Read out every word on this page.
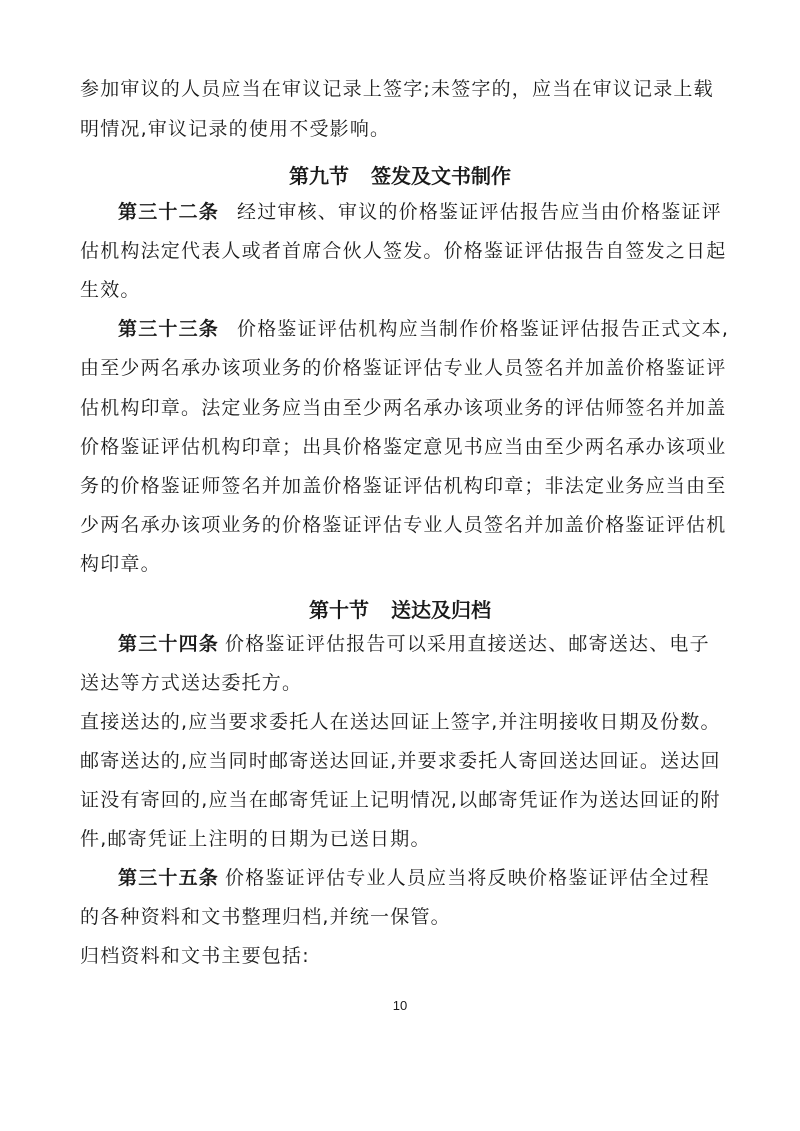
参加审议的人员应当在审议记录上签字;未签字的，应当在审议记录上载
明情况,审议记录的使用不受影响。
第九节 签发及文书制作
第三十二条 经过审核、审议的价格鉴证评估报告应当由价格鉴证评
估机构法定代表人或者首席合伙人签发。价格鉴证评估报告自签发之日起
生效。
第三十三条 价格鉴证评估机构应当制作价格鉴证评估报告正式文本,
由至少两名承办该项业务的价格鉴证评估专业人员签名并加盖价格鉴证评
估机构印章。法定业务应当由至少两名承办该项业务的评估师签名并加盖
价格鉴证评估机构印章；出具价格鉴定意见书应当由至少两名承办该项业
务的价格鉴证师签名并加盖价格鉴证评估机构印章；非法定业务应当由至
少两名承办该项业务的价格鉴证评估专业人员签名并加盖价格鉴证评估机
构印章。
第十节 送达及归档
第三十四条 价格鉴证评估报告可以采用直接送达、邮寄送达、电子
送达等方式送达委托方。
直接送达的,应当要求委托人在送达回证上签字,并注明接收日期及份数。
邮寄送达的,应当同时邮寄送达回证,并要求委托人寄回送达回证。送达回
证没有寄回的,应当在邮寄凭证上记明情况,以邮寄凭证作为送达回证的附
件,邮寄凭证上注明的日期为已送日期。
第三十五条 价格鉴证评估专业人员应当将反映价格鉴证评估全过程
的各种资料和文书整理归档,并统一保管。
归档资料和文书主要包括:
10
